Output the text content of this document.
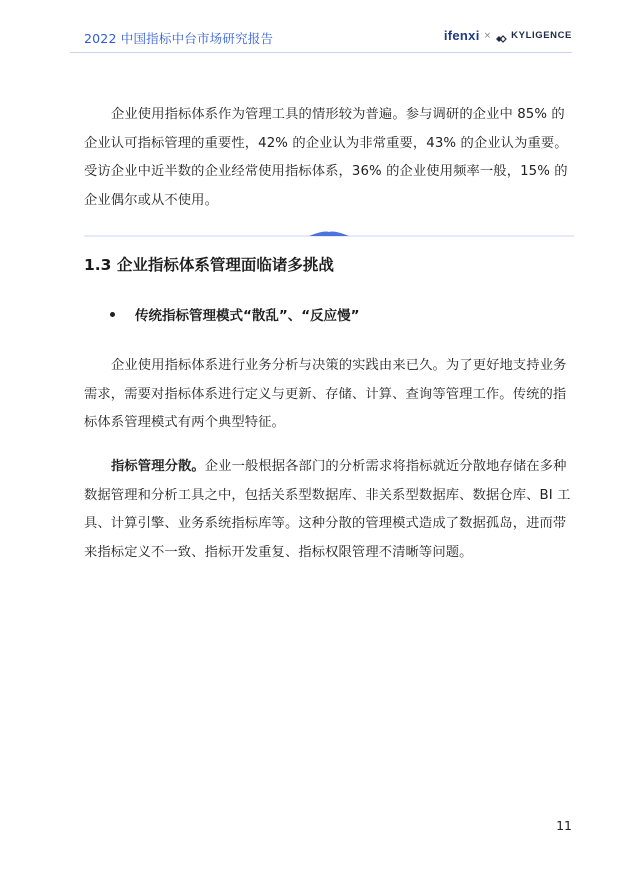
2022 中国指标中台市场研究报告	ifenxi × KYLIGENCE

企业使用指标体系作为管理工具的情形较为普遍。参与调研的企业中 85% 的企业认可指标管理的重要性，42% 的企业认为非常重要，43% 的企业认为重要。受访企业中近半数的企业经常使用指标体系，36% 的企业使用频率一般，15% 的企业偶尔或从不使用。

1.3 企业指标体系管理面临诸多挑战
传统指标管理模式“散乱”、“反应慢”

企业使用指标体系进行业务分析与决策的实践由来已久。为了更好地支持业务需求，需要对指标体系进行定义与更新、存储、计算、查询等管理工作。传统的指标体系管理模式有两个典型特征。

指标管理分散。企业一般根据各部门的分析需求将指标就近分散地存储在多种数据管理和分析工具之中，包括关系型数据库、非关系型数据库、数据仓库、BI 工具、计算引擎、业务系统指标库等。这种分散的管理模式造成了数据孤岛，进而带来指标定义不一致、指标开发重复、指标权限管理不清晰等问题。

11
